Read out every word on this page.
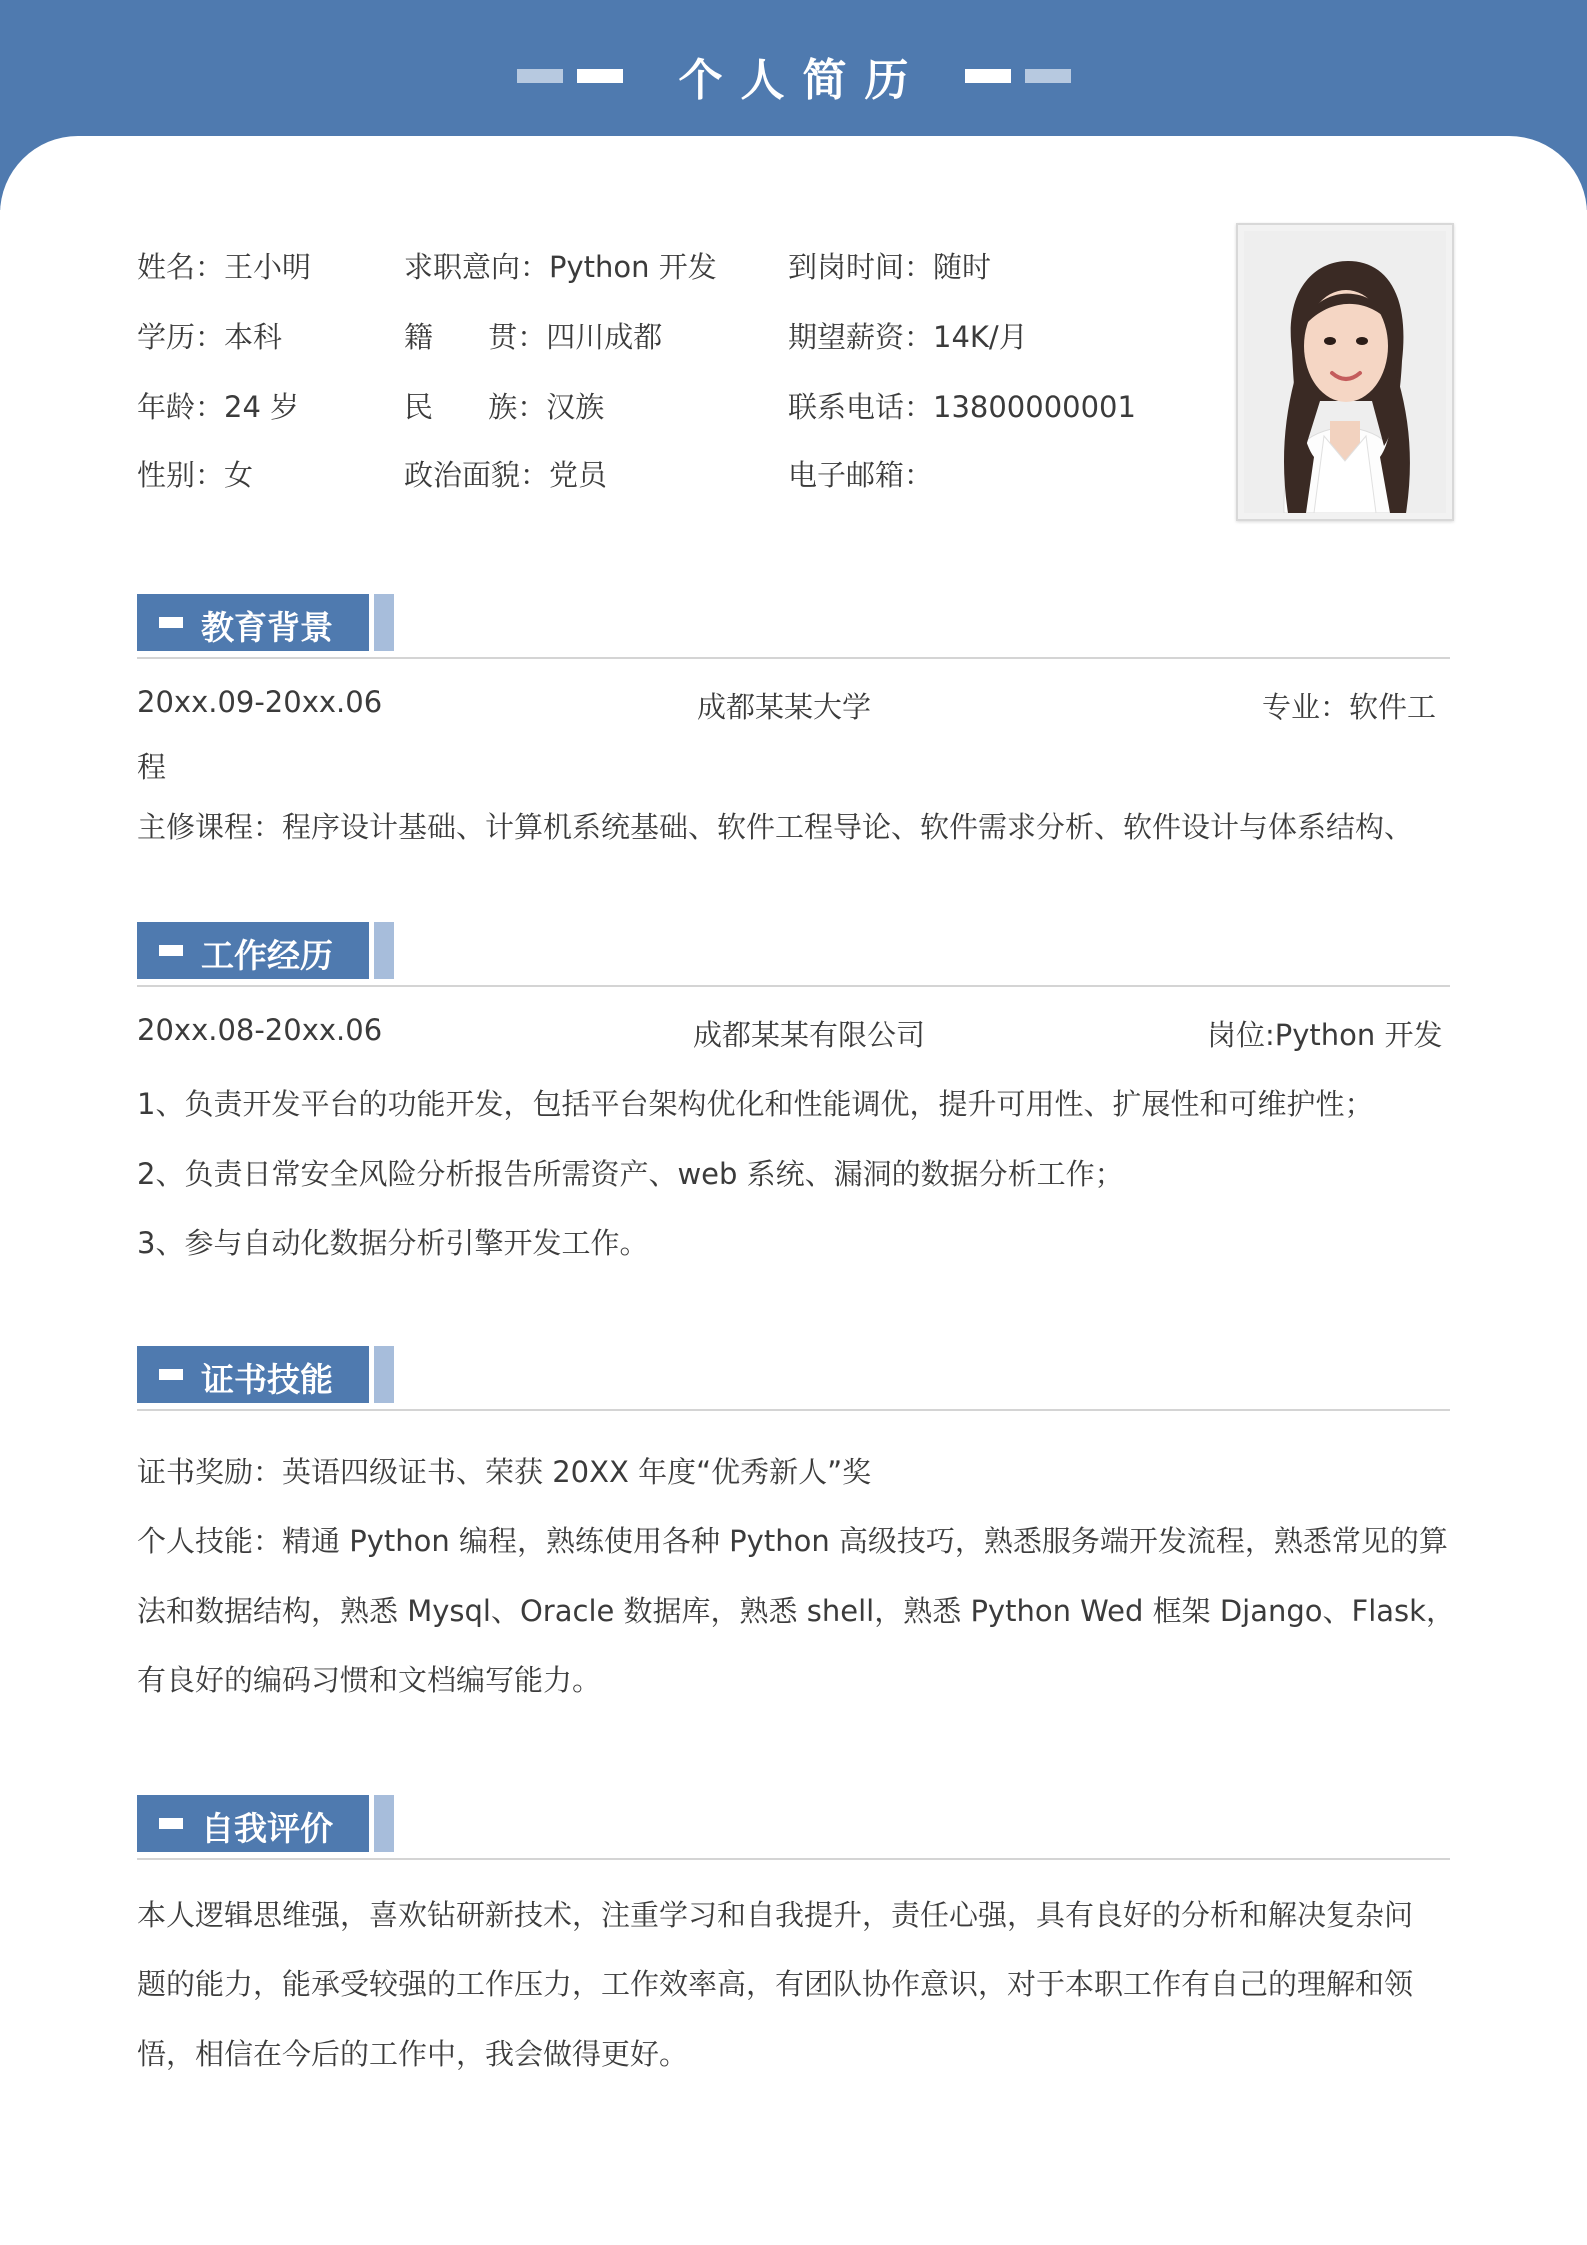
个人简历
姓名：王小明	求职意向：Python 开发 到岗时间：随时
学历：本科	籍      贯：四川成都	期望薪资：14K/月
年龄：24 岁	民      族：汉族	联系电话：13800000001
性别：女	政治面貌：党员	电子邮箱：
教育背景
20xx.09-20xx.06	成都某某大学	专业：软件工
程
主修课程：程序设计基础、计算机系统基础、软件工程导论、软件需求分析、软件设计与体系结构、
工作经历
20xx.08-20xx.06	成都某某有限公司	岗位:Python 开发
1、负责开发平台的功能开发，包括平台架构优化和性能调优，提升可用性、扩展性和可维护性；
2、负责日常安全风险分析报告所需资产、web 系统、漏洞的数据分析工作；
3、参与自动化数据分析引擎开发工作。
证书技能
证书奖励：英语四级证书、荣获 20XX 年度“优秀新人”奖
个人技能：精通 Python 编程，熟练使用各种 Python 高级技巧，熟悉服务端开发流程，熟悉常见的算
法和数据结构，熟悉 Mysql、Oracle 数据库，熟悉 shell，熟悉 Python Wed 框架 Django、Flask，
有良好的编码习惯和文档编写能力。
自我评价
本人逻辑思维强，喜欢钻研新技术，注重学习和自我提升，责任心强，具有良好的分析和解决复杂问
题的能力，能承受较强的工作压力，工作效率高，有团队协作意识，对于本职工作有自己的理解和领
悟，相信在今后的工作中，我会做得更好。
